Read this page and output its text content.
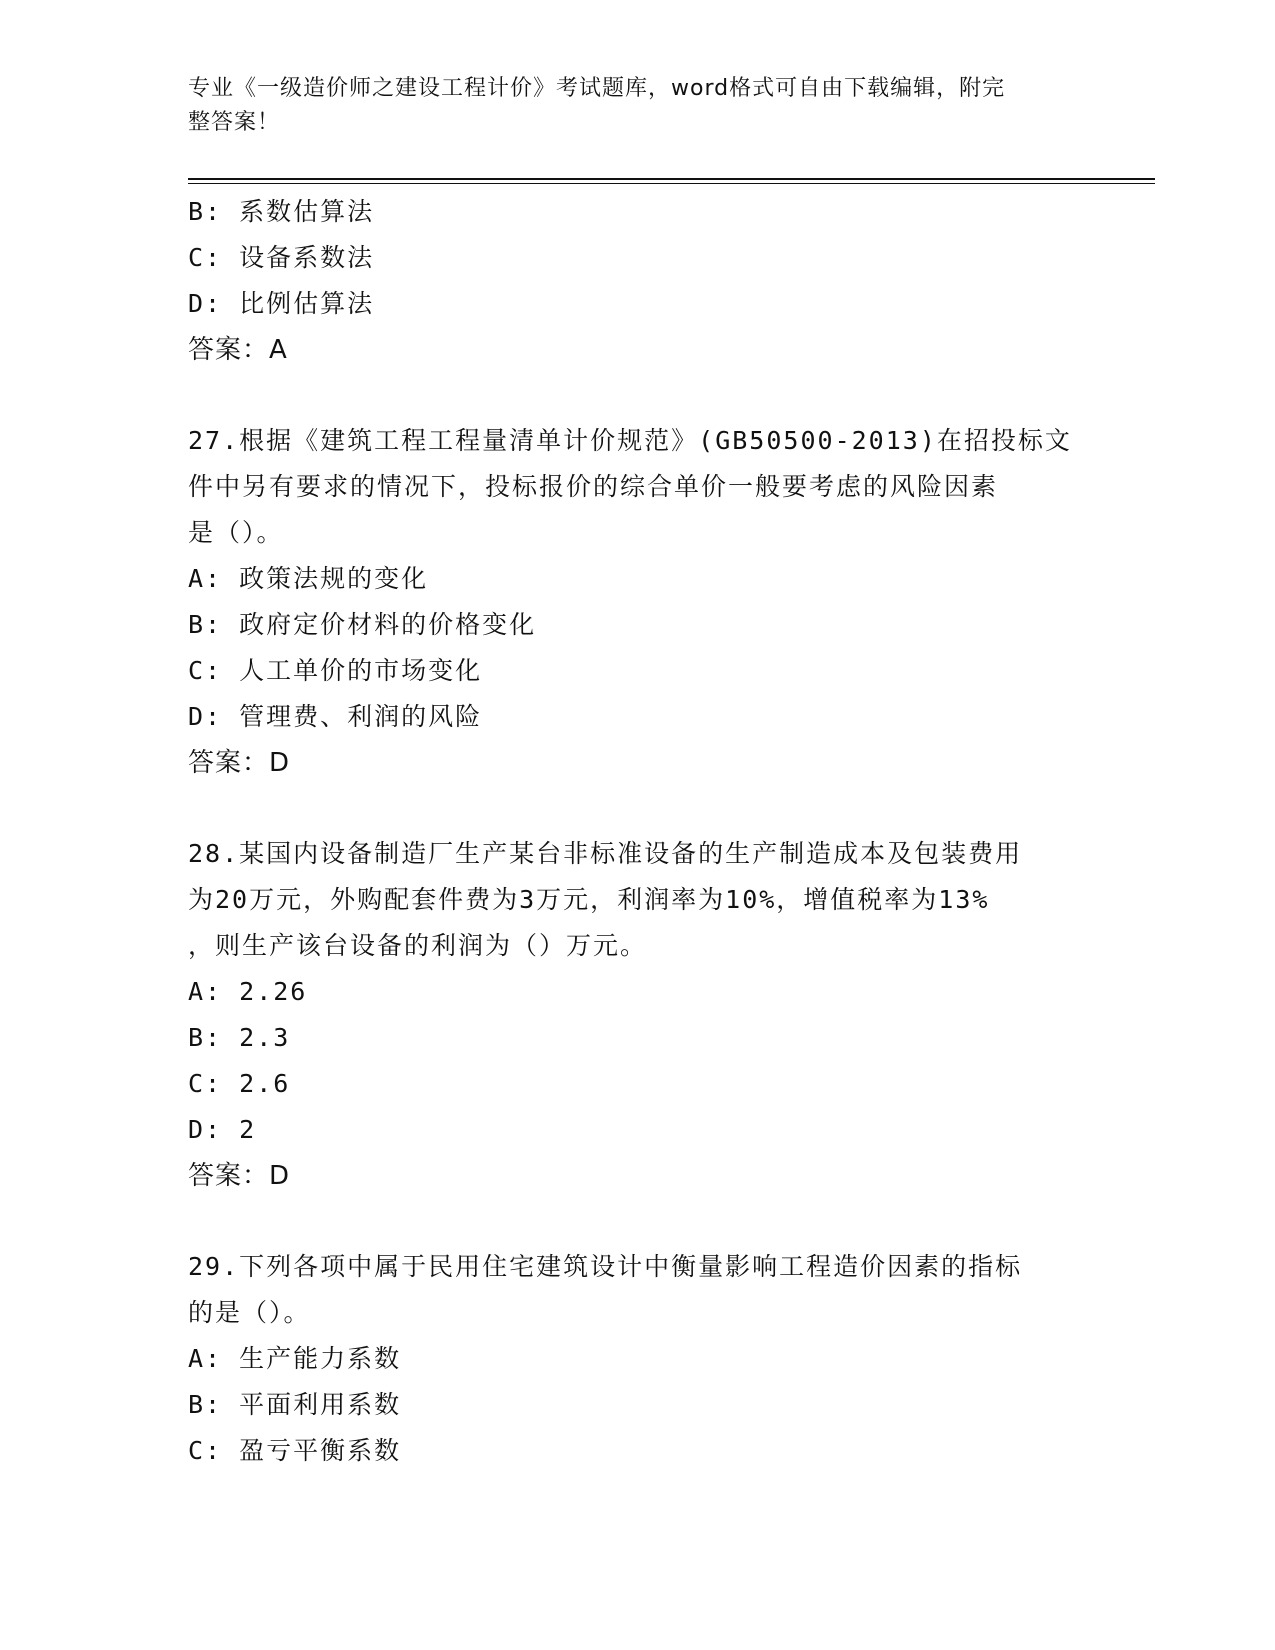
专业《一级造价师之建设工程计价》考试题库，word格式可自由下载编辑，附完
整答案！
B: 系数估算法
C: 设备系数法
D: 比例估算法
答案：A
27.根据《建筑工程工程量清单计价规范》(GB50500-2013)在招投标文
件中另有要求的情况下，投标报价的综合单价一般要考虑的风险因素
是（）。
A: 政策法规的变化
B: 政府定价材料的价格变化
C: 人工单价的市场变化
D: 管理费、利润的风险
答案：D
28.某国内设备制造厂生产某台非标准设备的生产制造成本及包装费用
为20万元，外购配套件费为3万元，利润率为10%，增值税率为13%
，则生产该台设备的利润为（）万元。
A: 2.26
B: 2.3
C: 2.6
D: 2
答案：D
29.下列各项中属于民用住宅建筑设计中衡量影响工程造价因素的指标
的是（）。
A: 生产能力系数
B: 平面利用系数
C: 盈亏平衡系数
